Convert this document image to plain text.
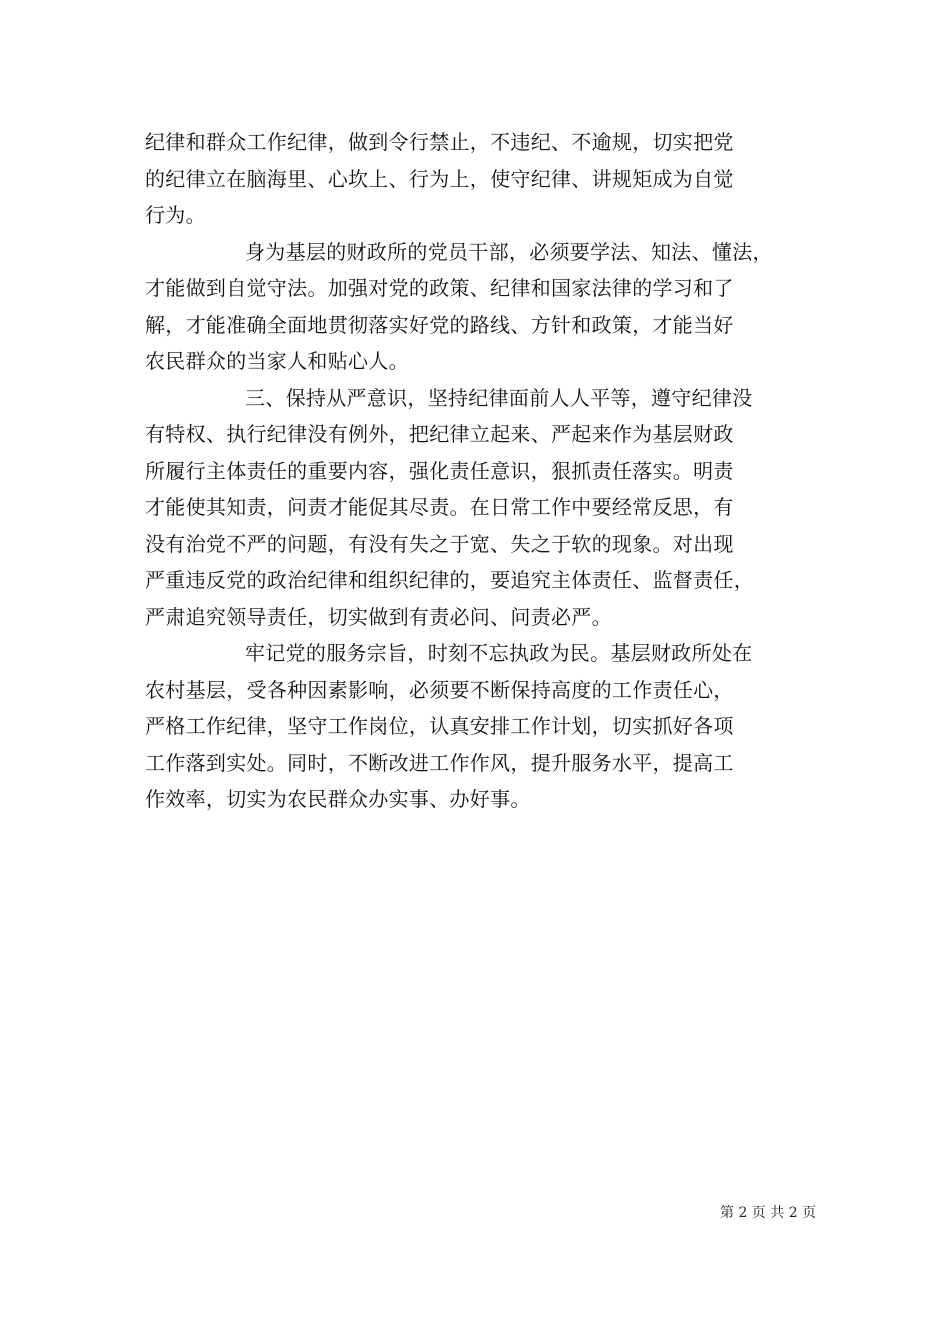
纪律和群众工作纪律，做到令行禁止，不违纪、不逾规，切实把党
的纪律立在脑海里、心坎上、行为上，使守纪律、讲规矩成为自觉
行为。
身为基层的财政所的党员干部，必须要学法、知法、懂法，
才能做到自觉守法。加强对党的政策、纪律和国家法律的学习和了
解，才能准确全面地贯彻落实好党的路线、方针和政策，才能当好
农民群众的当家人和贴心人。
三、保持从严意识，坚持纪律面前人人平等，遵守纪律没
有特权、执行纪律没有例外，把纪律立起来、严起来作为基层财政
所履行主体责任的重要内容，强化责任意识，狠抓责任落实。明责
才能使其知责，问责才能促其尽责。在日常工作中要经常反思，有
没有治党不严的问题，有没有失之于宽、失之于软的现象。对出现
严重违反党的政治纪律和组织纪律的，要追究主体责任、监督责任，
严肃追究领导责任，切实做到有责必问、问责必严。
牢记党的服务宗旨，时刻不忘执政为民。基层财政所处在
农村基层，受各种因素影响，必须要不断保持高度的工作责任心，
严格工作纪律，坚守工作岗位，认真安排工作计划，切实抓好各项
工作落到实处。同时，不断改进工作作风，提升服务水平，提高工
作效率，切实为农民群众办实事、办好事。
第 2 页 共 2 页
